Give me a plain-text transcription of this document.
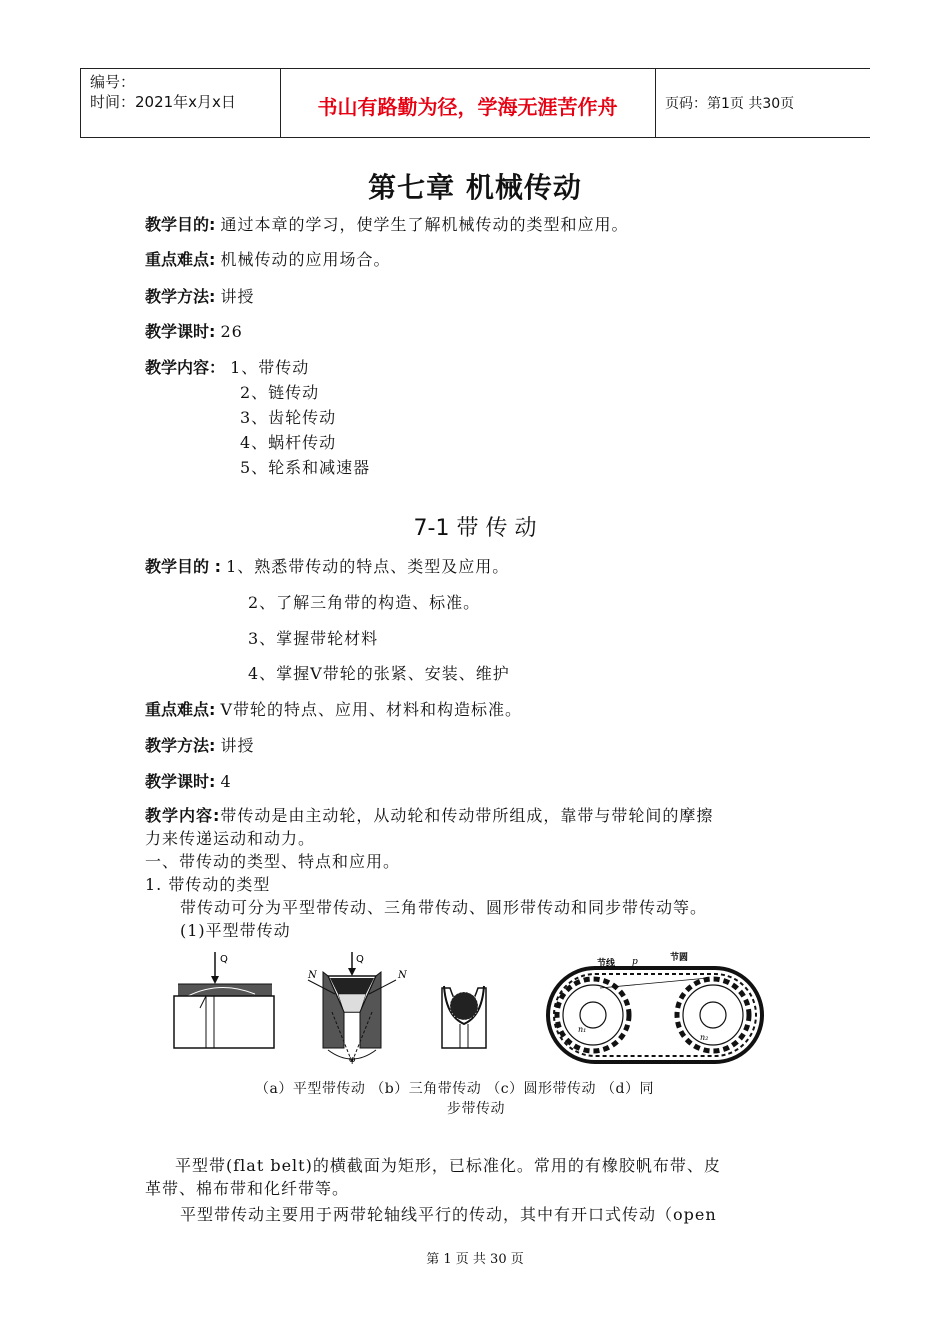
编号：
时间：2021年x月x日	书山有路勤为径，学海无涯苦作舟	页码：第1页 共30页
第七章 机械传动
教学目的: 通过本章的学习，使学生了解机械传动的类型和应用。
重点难点: 机械传动的应用场合。
教学方法: 讲授
教学课时: 26
教学内容： 1、带传动
2、链传动
3、齿轮传动
4、蜗杆传动
5、轮系和减速器
7-1 带 传 动
教学目的 : 1、熟悉带传动的特点、类型及应用。
2、了解三角带的构造、标准。
3、掌握带轮材料
4、掌握V带轮的张紧、安装、维护
重点难点: V带轮的特点、应用、材料和构造标准。
教学方法: 讲授
教学课时: 4
教学内容:带传动是由主动轮，从动轮和传动带所组成，靠带与带轮间的摩擦
力来传递运动和动力。
一、带传动的类型、特点和应用。
1. 带传动的类型
带传动可分为平型带传动、三角带传动、圆形带传动和同步带传动等。
(1)平型带传动
Q	Q
N	N
φ
节线
节圆
p
n₁
n₂
（a）平型带传动 （b）三角带传动 （c）圆形带传动 （d）同
步带传动
平型带(flat belt)的横截面为矩形，已标准化。常用的有橡胶帆布带、皮
革带、棉布带和化纤带等。
平型带传动主要用于两带轮轴线平行的传动，其中有开口式传动（open
第 1 页 共 30 页
